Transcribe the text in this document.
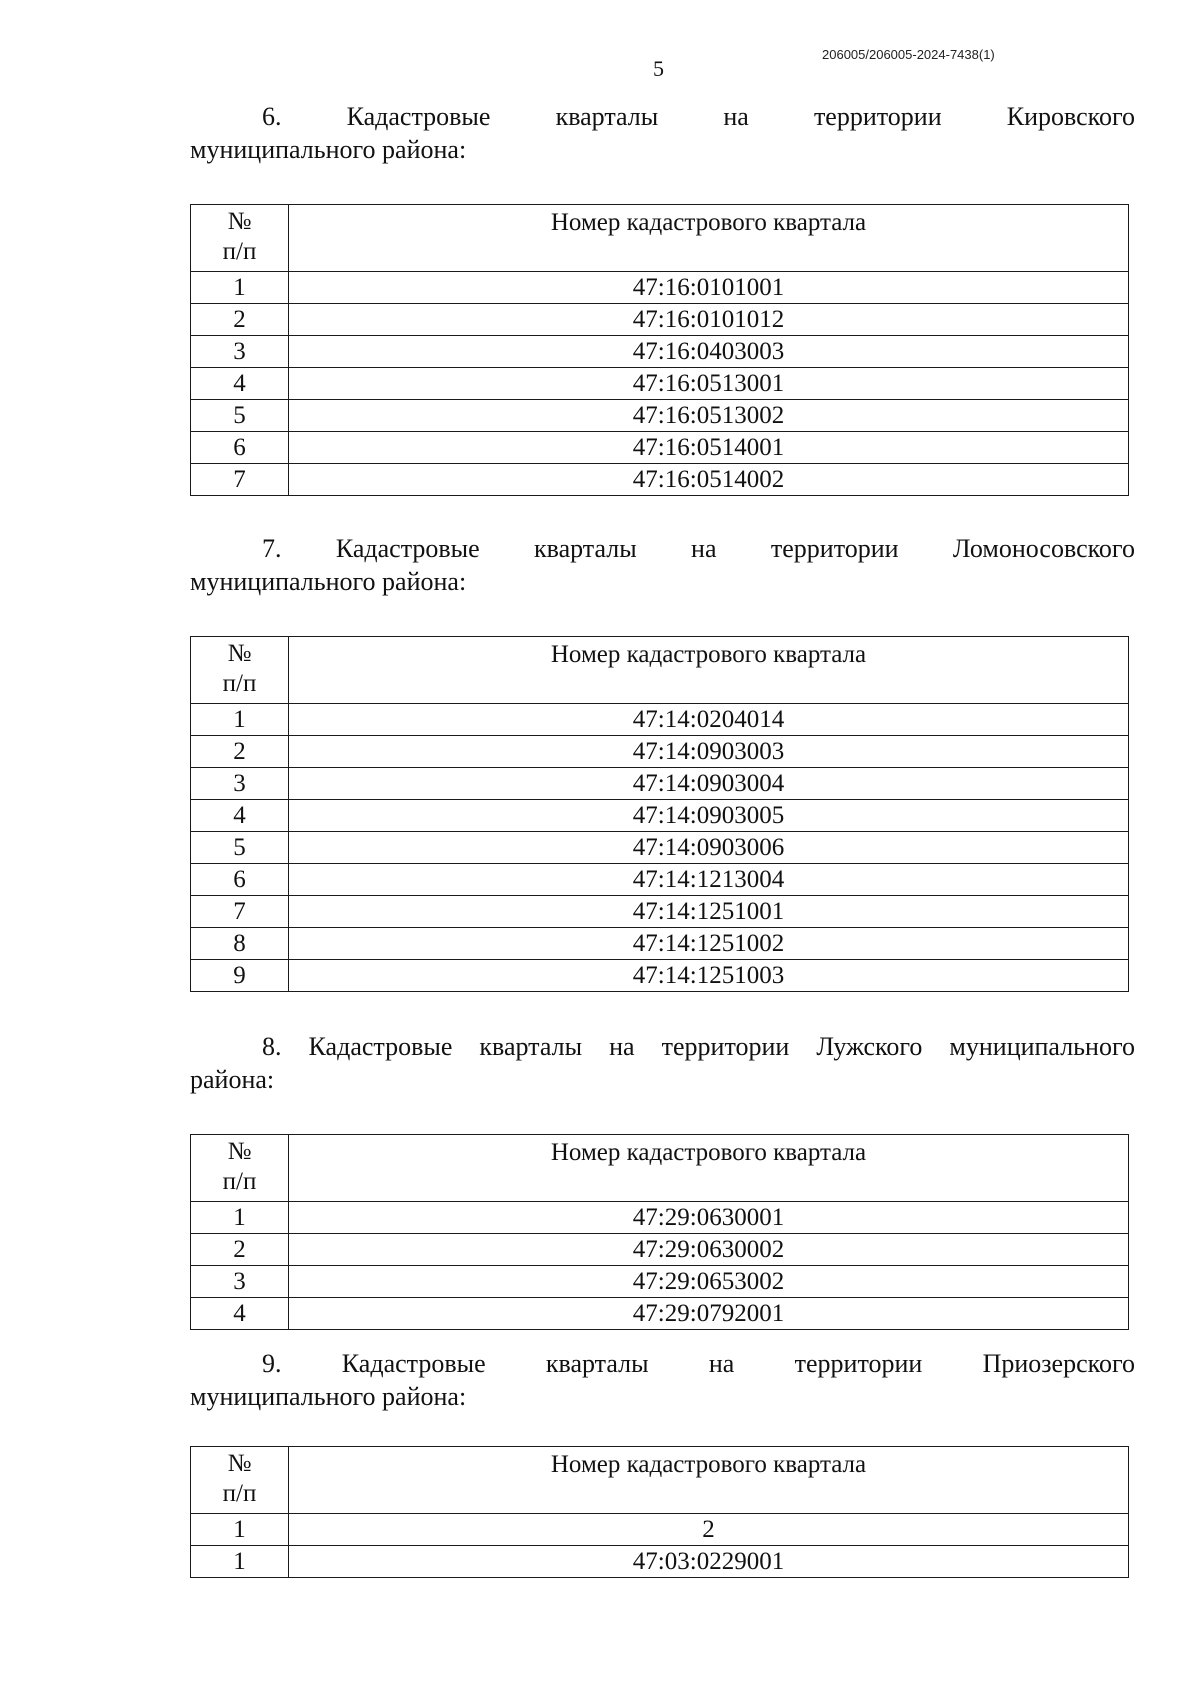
206005/206005-2024-7438(1)
5
6.	Кадастровые	кварталы	на	территории	Кировского
муниципального района:
№
п/п	Номер кадастрового квартала
1	47:16:0101001
2	47:16:0101012
3	47:16:0403003
4	47:16:0513001
5	47:16:0513002
6	47:16:0514001
7	47:16:0514002
7. Кадастровые кварталы на территории Ломоносовского
муниципального района:
№
п/п	Номер кадастрового квартала
1	47:14:0204014
2	47:14:0903003
3	47:14:0903004
4	47:14:0903005
5	47:14:0903006
6	47:14:1213004
7	47:14:1251001
8	47:14:1251002
9	47:14:1251003
8. Кадастровые кварталы на территории Лужского муниципального
района:
№
п/п	Номер кадастрового квартала
1	47:29:0630001
2	47:29:0630002
3	47:29:0653002
4	47:29:0792001
9. Кадастровые кварталы на территории Приозерского
муниципального района:
№
п/п	Номер кадастрового квартала
1	2
1	47:03:0229001
